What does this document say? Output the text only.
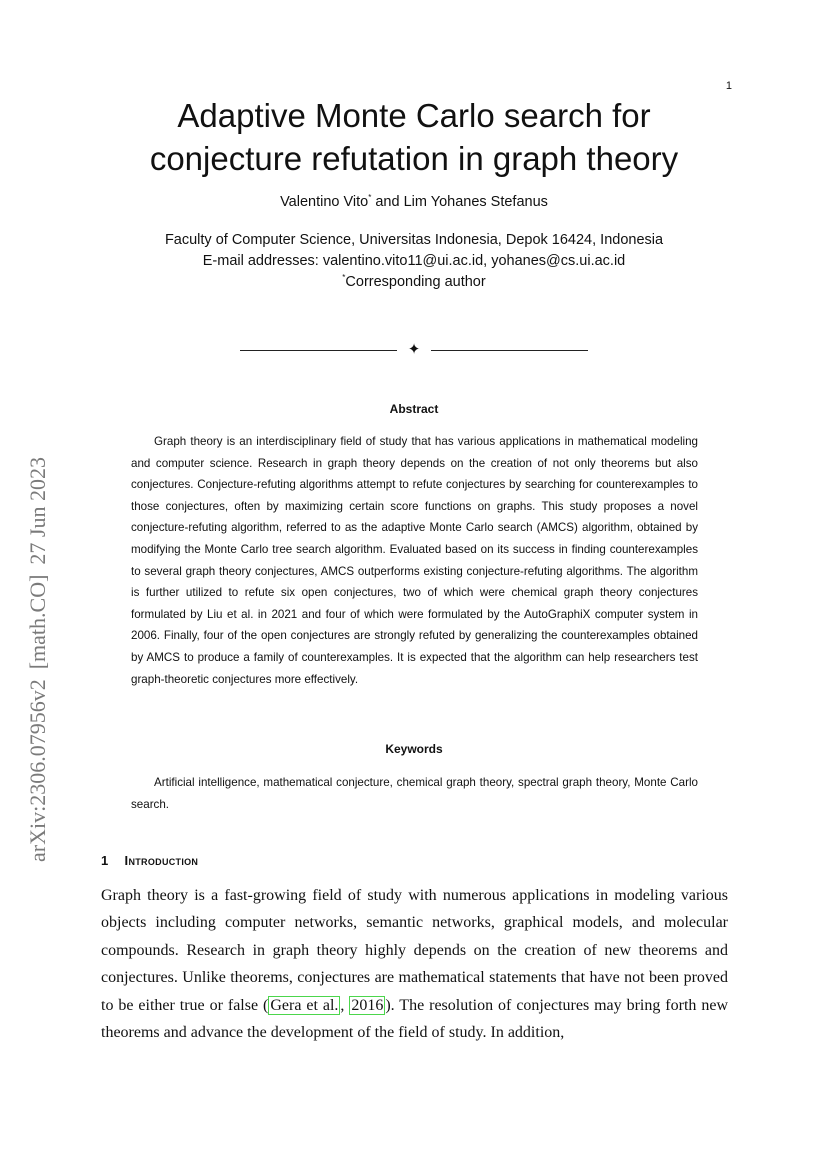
1
Adaptive Monte Carlo search for
conjecture refutation in graph theory
Valentino Vito* and Lim Yohanes Stefanus
Faculty of Computer Science, Universitas Indonesia, Depok 16424, Indonesia
E-mail addresses: valentino.vito11@ui.ac.id, yohanes@cs.ui.ac.id
*Corresponding author
✦
Abstract

Graph theory is an interdisciplinary field of study that has various applications in mathematical modeling and computer science. Research in graph theory depends on the creation of not only theorems but also conjectures. Conjecture-refuting algorithms attempt to refute conjectures by searching for counterexamples to those conjectures, often by maximizing certain score functions on graphs. This study proposes a novel conjecture-refuting algorithm, referred to as the adaptive Monte Carlo search (AMCS) algorithm, obtained by modifying the Monte Carlo tree search algorithm. Evaluated based on its success in finding counterexamples to several graph theory conjectures, AMCS outperforms existing conjecture-refuting algorithms. The algorithm is further utilized to refute six open conjectures, two of which were chemical graph theory conjectures formulated by Liu et al. in 2021 and four of which were formulated by the AutoGraphiX computer system in 2006. Finally, four of the open conjectures are strongly refuted by generalizing the counterexamples obtained by AMCS to produce a family of counterexamples. It is expected that the algorithm can help researchers test graph-theoretic conjectures more effectively.

Keywords

Artificial intelligence, mathematical conjecture, chemical graph theory, spectral graph theory, Monte Carlo search.

1 Introduction

Graph theory is a fast-growing field of study with numerous applications in modeling various objects including computer networks, semantic networks, graphical models, and molecular compounds. Research in graph theory highly depends on the creation of new theorems and conjectures. Unlike theorems, conjectures are mathematical statements that have not been proved to be either true or false ( Gera et al. , 2016 ). The resolution of conjectures may bring forth new theorems and advance the development of the field of study. In addition,

arXiv:2306.07956v2[math.CO]27 Jun 2023
